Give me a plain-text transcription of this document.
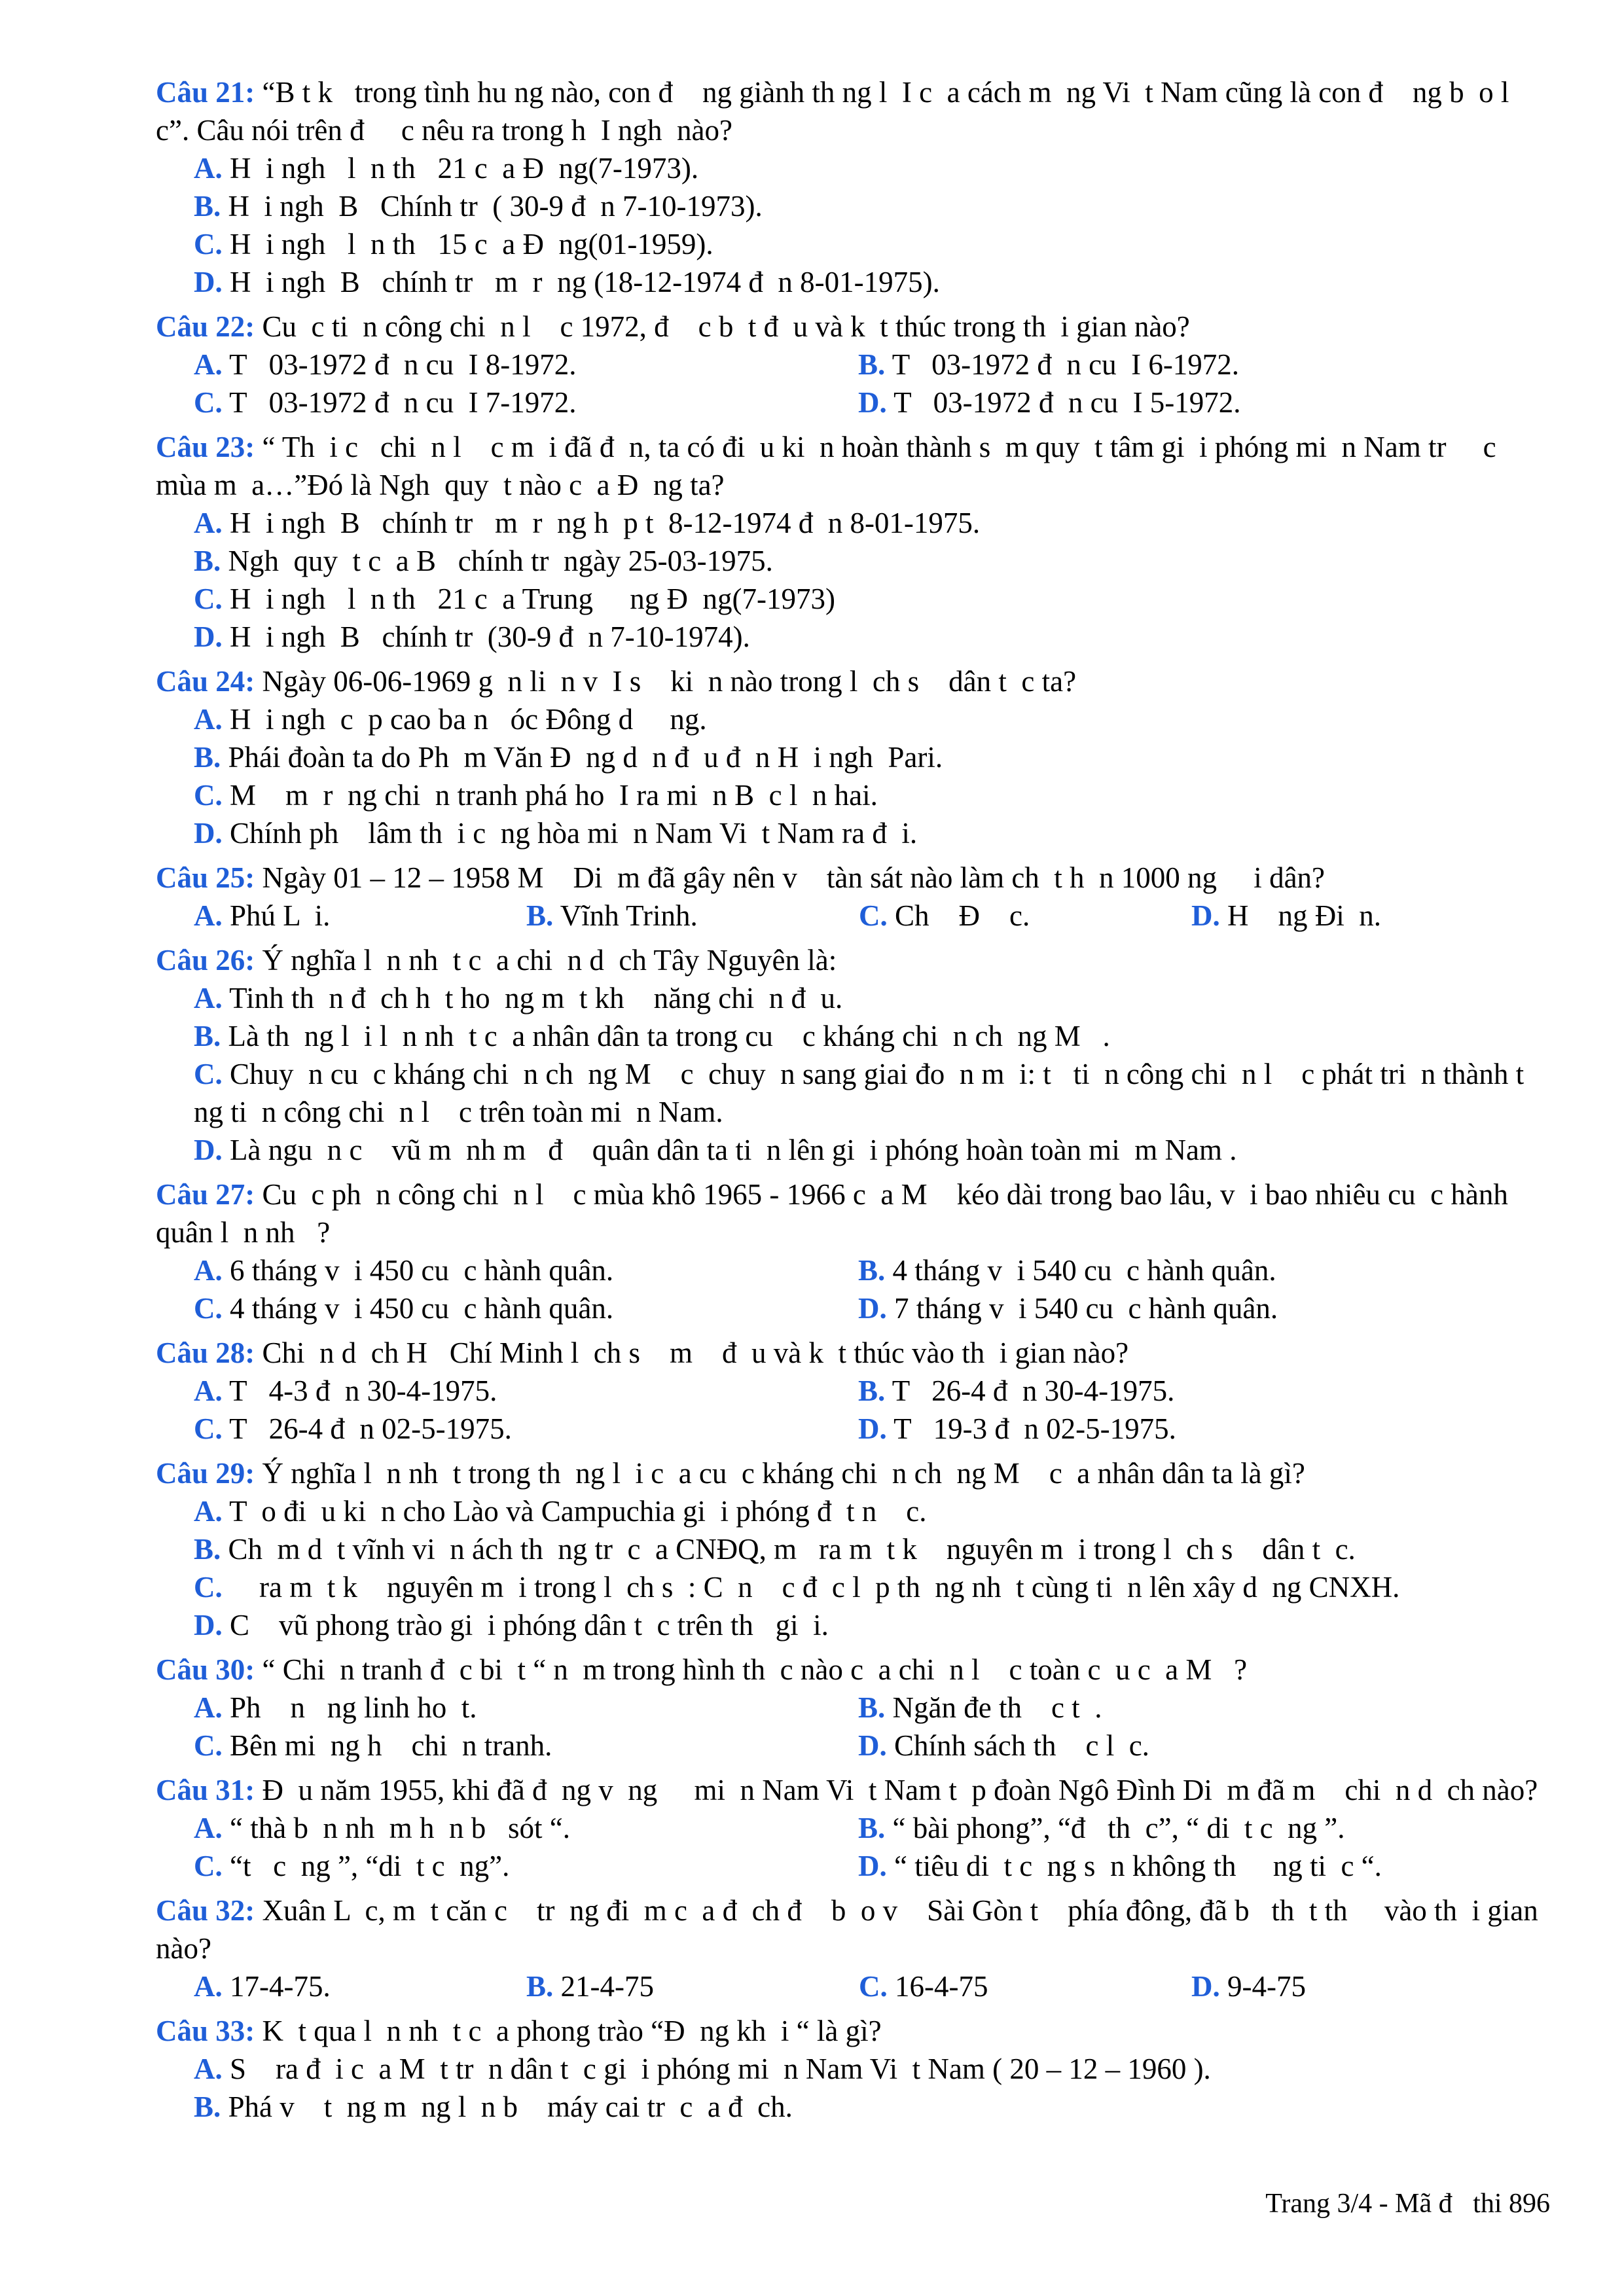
Câu 21: “B t k   trong tình hu ng nào, con đ    ng giành th ng l  I c  a cách m  ng Vi  t Nam cũng là con đ    ng b  o l  c”. Câu nói trên đ     c nêu ra trong h  I ngh  nào?
A. H  i ngh   l  n th   21 c  a Đ  ng(7-1973).
B. H  i ngh  B   Chính tr  ( 30-9 đ  n 7-10-1973).
C. H  i ngh   l  n th   15 c  a Đ  ng(01-1959).
D. H  i ngh  B   chính tr   m  r  ng (18-12-1974 đ  n 8-01-1975).
Câu 22: Cu  c ti  n công chi  n l    c 1972, đ    c b  t đ  u và k  t thúc trong th  i gian nào?
A. T   03-1972 đ  n cu  I 8-1972.	B. T   03-1972 đ  n cu  I 6-1972.
C. T   03-1972 đ  n cu  I 7-1972.	D. T   03-1972 đ  n cu  I 5-1972.
Câu 23: “ Th  i c   chi  n l    c m  i đã đ  n, ta có đi  u ki  n hoàn thành s  m quy  t tâm gi  i phóng mi  n Nam tr     c mùa m  a…”Đó là Ngh  quy  t nào c  a Đ  ng ta?
A. H  i ngh  B   chính tr   m  r  ng h  p t  8-12-1974 đ  n 8-01-1975.
B. Ngh  quy  t c  a B   chính tr  ngày 25-03-1975.
C. H  i ngh   l  n th   21 c  a Trung     ng Đ  ng(7-1973)
D. H  i ngh  B   chính tr  (30-9 đ  n 7-10-1974).
Câu 24: Ngày 06-06-1969 g  n li  n v  I s    ki  n nào trong l  ch s    dân t  c ta?
A. H  i ngh  c  p cao ba n   óc Đông d     ng.
B. Phái đoàn ta do Ph  m Văn Đ  ng d  n đ  u đ  n H  i ngh  Pari.
C. M    m  r  ng chi  n tranh phá ho  I ra mi  n B  c l  n hai.
D. Chính ph    lâm th  i c  ng hòa mi  n Nam Vi  t Nam ra đ  i.
Câu 25: Ngày 01 – 12 – 1958 M    Di  m đã gây nên v    tàn sát nào làm ch  t h  n 1000 ng     i dân?
A. Phú L  i.	B. Vĩnh Trinh.	C. Ch    Đ    c.	D. H    ng Đi  n.
Câu 26: Ý nghĩa l  n nh  t c  a chi  n d  ch Tây Nguyên là:
A. Tinh th  n đ  ch h  t ho  ng m  t kh    năng chi  n đ  u.
B. Là th  ng l  i l  n nh  t c  a nhân dân ta trong cu    c kháng chi  n ch  ng M   .
C. Chuy  n cu  c kháng chi  n ch  ng M    c  chuy  n sang giai đo  n m  i: t   ti  n công chi  n l    c phát tri  n thành t  ng ti  n công chi  n l    c trên toàn mi  n Nam.
D. Là ngu  n c    vũ m  nh m   đ    quân dân ta ti  n lên gi  i phóng hoàn toàn mi  m Nam .
Câu 27: Cu  c ph  n công chi  n l    c mùa khô 1965 - 1966 c  a M    kéo dài trong bao lâu, v  i bao nhiêu cu  c hành quân l  n nh   ?
A. 6 tháng v  i 450 cu  c hành quân.	B. 4 tháng v  i 540 cu  c hành quân.
C. 4 tháng v  i 450 cu  c hành quân.	D. 7 tháng v  i 540 cu  c hành quân.
Câu 28: Chi  n d  ch H   Chí Minh l  ch s    m    đ  u và k  t thúc vào th  i gian nào?
A. T   4-3 đ  n 30-4-1975.	B. T   26-4 đ  n 30-4-1975.
C. T   26-4 đ  n 02-5-1975.	D. T   19-3 đ  n 02-5-1975.
Câu 29: Ý nghĩa l  n nh  t trong th  ng l  i c  a cu  c kháng chi  n ch  ng M    c  a nhân dân ta là gì?
A. T  o đi  u ki  n cho Lào và Campuchia gi  i phóng đ  t n    c.
B. Ch  m d  t vĩnh vi  n ách th  ng tr  c  a CNĐQ, m   ra m  t k    nguyên m  i trong l  ch s    dân t  c.
C.     ra m  t k    nguyên m  i trong l  ch s  : C  n    c đ  c l  p th  ng nh  t cùng ti  n lên xây d  ng CNXH.
D. C    vũ phong trào gi  i phóng dân t  c trên th   gi  i.
Câu 30: “ Chi  n tranh đ  c bi  t “ n  m trong hình th  c nào c  a chi  n l    c toàn c  u c  a M   ?
A. Ph    n   ng linh ho  t.	B. Ngăn đe th    c t  .
C. Bên mi  ng h    chi  n tranh.	D. Chính sách th    c l  c.
Câu 31: Đ  u năm 1955, khi đã đ  ng v  ng     mi  n Nam Vi  t Nam t  p đoàn Ngô Đình Di  m đã m    chi  n d  ch nào?
A. “ thà b  n nh  m h  n b   sót “.	B. “ bài phong”, “đ   th  c”, “ di  t c  ng ”.
C. “t   c  ng ”, “di  t c  ng”.	D. “ tiêu di  t c  ng s  n không th     ng ti  c “.
Câu 32: Xuân L  c, m  t căn c    tr  ng đi  m c  a đ  ch đ    b  o v    Sài Gòn t    phía đông, đã b   th  t th     vào th  i gian nào?
A. 17-4-75.	B. 21-4-75	C. 16-4-75	D. 9-4-75
Câu 33: K  t qua l  n nh  t c  a phong trào “Đ  ng kh  i “ là gì?
A. S    ra đ  i c  a M  t tr  n dân t  c gi  i phóng mi  n Nam Vi  t Nam ( 20 – 12 – 1960 ).
B. Phá v    t  ng m  ng l  n b    máy cai tr  c  a đ  ch.
Trang 3/4 - Mã đ   thi 896
